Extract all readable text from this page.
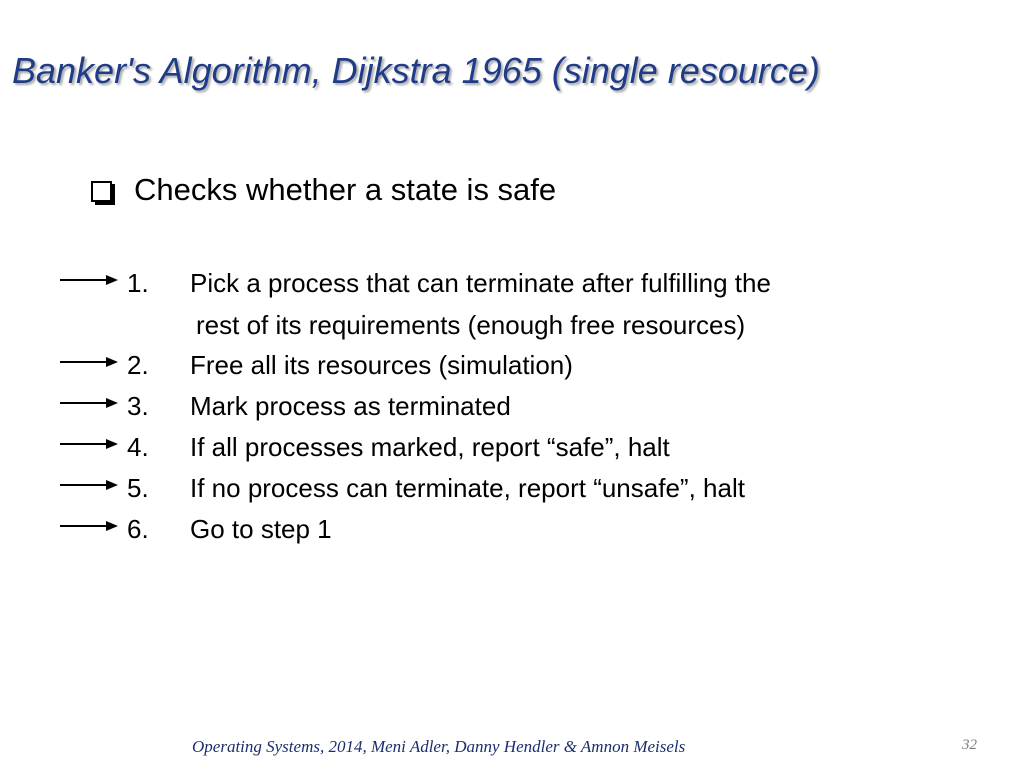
Banker's Algorithm, Dijkstra 1965 (single resource)
Checks whether a state is safe
1. Pick a process that can terminate after fulfilling the
rest of its requirements (enough free resources)
2. Free all its resources (simulation)
3. Mark process as terminated
4. If all processes marked, report “safe”, halt
5. If no process can terminate, report “unsafe”, halt
6. Go to step 1
Operating Systems, 2014, Meni Adler, Danny Hendler & Amnon Meisels	32
